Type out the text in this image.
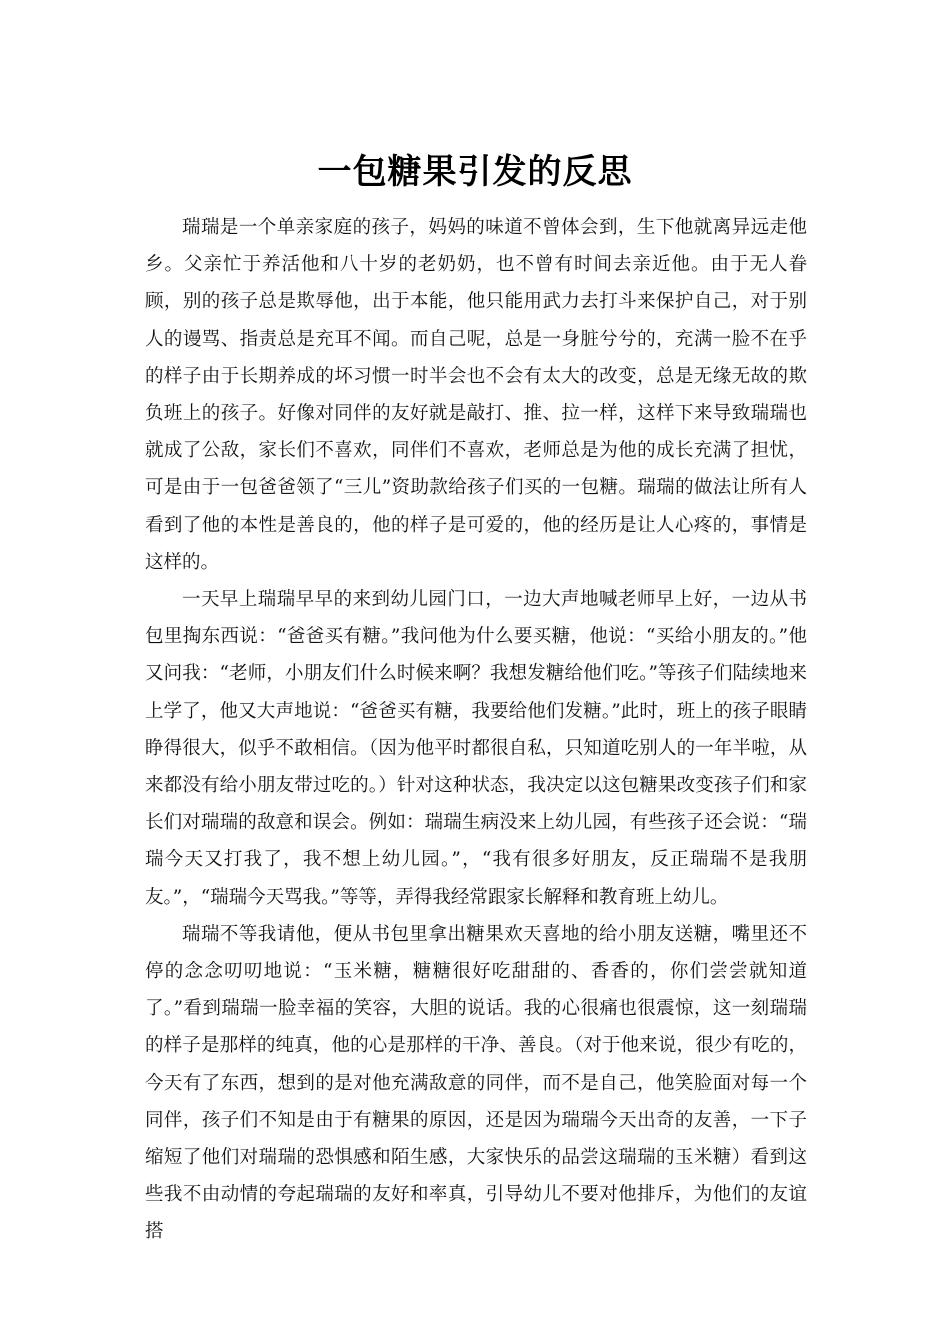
一包糖果引发的反思

瑞瑞是一个单亲家庭的孩子，妈妈的味道不曾体会到，生下他就离异远走他乡。父亲忙于养活他和八十岁的老奶奶，也不曾有时间去亲近他。由于无人眷顾，别的孩子总是欺辱他，出于本能，他只能用武力去打斗来保护自己，对于别人的谩骂、指责总是充耳不闻。而自己呢，总是一身脏兮兮的，充满一脸不在乎的样子由于长期养成的坏习惯一时半会也不会有太大的改变，总是无缘无故的欺负班上的孩子。好像对同伴的友好就是敲打、推、拉一样，这样下来导致瑞瑞也就成了公敌，家长们不喜欢，同伴们不喜欢，老师总是为他的成长充满了担忧，可是由于一包爸爸领了“三儿”资助款给孩子们买的一包糖。瑞瑞的做法让所有人看到了他的本性是善良的，他的样子是可爱的，他的经历是让人心疼的，事情是这样的。

一天早上瑞瑞早早的来到幼儿园门口，一边大声地喊老师早上好，一边从书包里掏东西说：“爸爸买有糖。”我问他为什么要买糖，他说：“买给小朋友的。”他又问我：“老师，小朋友们什么时候来啊？我想发糖给他们吃。”等孩子们陆续地来上学了，他又大声地说：“爸爸买有糖，我要给他们发糖。”此时，班上的孩子眼睛睁得很大，似乎不敢相信。（因为他平时都很自私，只知道吃别人的一年半啦，从来都没有给小朋友带过吃的。）针对这种状态，我决定以这包糖果改变孩子们和家长们对瑞瑞的敌意和误会。例如：瑞瑞生病没来上幼儿园，有些孩子还会说：“瑞瑞今天又打我了，我不想上幼儿园。”，“我有很多好朋友，反正瑞瑞不是我朋友。”，“瑞瑞今天骂我。”等等，弄得我经常跟家长解释和教育班上幼儿。

瑞瑞不等我请他，便从书包里拿出糖果欢天喜地的给小朋友送糖，嘴里还不停的念念叨叨地说：“玉米糖，糖糖很好吃甜甜的、香香的，你们尝尝就知道了。”看到瑞瑞一脸幸福的笑容，大胆的说话。我的心很痛也很震惊，这一刻瑞瑞的样子是那样的纯真，他的心是那样的干净、善良。（对于他来说，很少有吃的，今天有了东西，想到的是对他充满敌意的同伴，而不是自己，他笑脸面对每一个同伴，孩子们不知是由于有糖果的原因，还是因为瑞瑞今天出奇的友善，一下子缩短了他们对瑞瑞的恐惧感和陌生感，大家快乐的品尝这瑞瑞的玉米糖）看到这些我不由动情的夸起瑞瑞的友好和率真，引导幼儿不要对他排斥，为他们的友谊搭
